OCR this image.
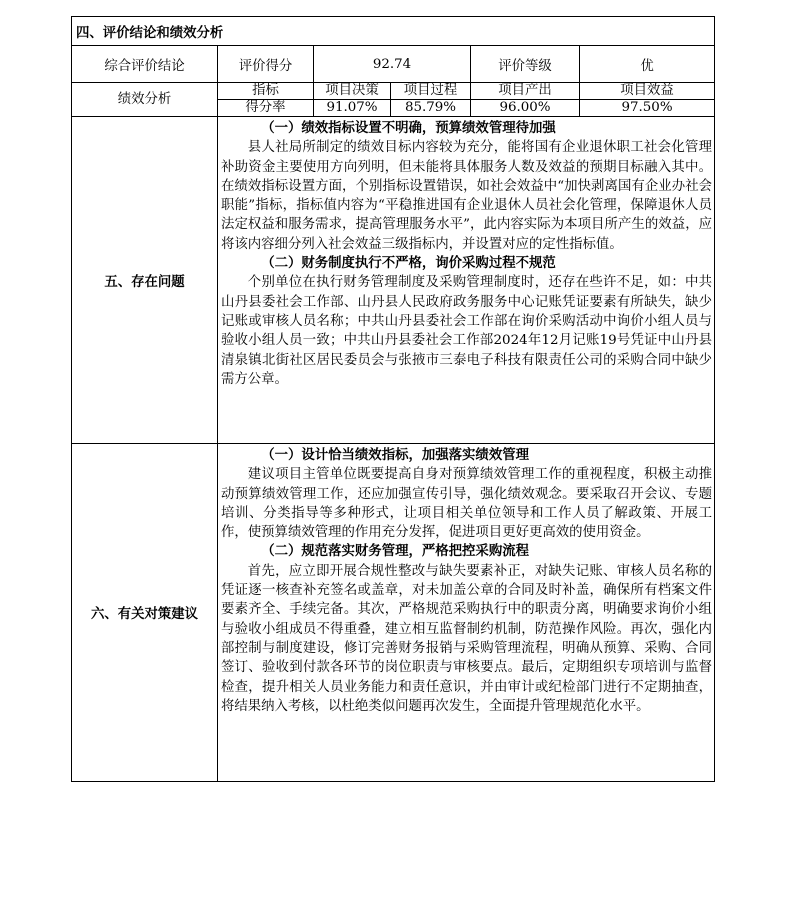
四、评价结论和绩效分析					
综合评价结论	评价得分	92.74		评价等级	优
绩效分析	指标	项目决策	项目过程	项目产出	项目效益
	得分率	91.07%	85.79%	96.00%	97.50%
五、存在问题	（一）绩效指标设置不明确，预算绩效管理待加强

县人社局所制定的绩效目标内容较为充分，能将国有企业退休职工社会化管理补助资金主要使用方向列明，但未能将具体服务人数及效益的预期目标融入其中。在绩效指标设置方面，个别指标设置错误，如社会效益中“加快剥离国有企业办社会职能”指标，指标值内容为“平稳推进国有企业退休人员社会化管理，保障退休人员法定权益和服务需求，提高管理服务水平”，此内容实际为本项目所产生的效益，应将该内容细分列入社会效益三级指标内，并设置对应的定性指标值。

（二）财务制度执行不严格，询价采购过程不规范

个别单位在执行财务管理制度及采购管理制度时，还存在些许不足，如：中共山丹县委社会工作部、山丹县人民政府政务服务中心记账凭证要素有所缺失，缺少记账或审核人员名称；中共山丹县委社会工作部在询价采购活动中询价小组人员与验收小组人员一致；中共山丹县委社会工作部2024年12月记账19号凭证中山丹县清泉镇北街社区居民委员会与张掖市三泰电子科技有限责任公司的采购合同中缺少需方公章。				

六、有关对策建议	（一）设计恰当绩效指标，加强落实绩效管理

建议项目主管单位既要提高自身对预算绩效管理工作的重视程度，积极主动推动预算绩效管理工作，还应加强宣传引导，强化绩效观念。要采取召开会议、专题培训、分类指导等多种形式，让项目相关单位领导和工作人员了解政策、开展工作，使预算绩效管理的作用充分发挥，促进项目更好更高效的使用资金。

（二）规范落实财务管理，严格把控采购流程

首先，应立即开展合规性整改与缺失要素补正，对缺失记账、审核人员名称的凭证逐一核查补充签名或盖章，对未加盖公章的合同及时补盖，确保所有档案文件要素齐全、手续完备。其次，严格规范采购执行中的职责分离，明确要求询价小组与验收小组成员不得重叠，建立相互监督制约机制，防范操作风险。再次，强化内部控制与制度建设，修订完善财务报销与采购管理流程，明确从预算、采购、合同签订、验收到付款各环节的岗位职责与审核要点。最后，定期组织专项培训与监督检查，提升相关人员业务能力和责任意识，并由审计或纪检部门进行不定期抽查，将结果纳入考核，以杜绝类似问题再次发生，全面提升管理规范化水平。				
